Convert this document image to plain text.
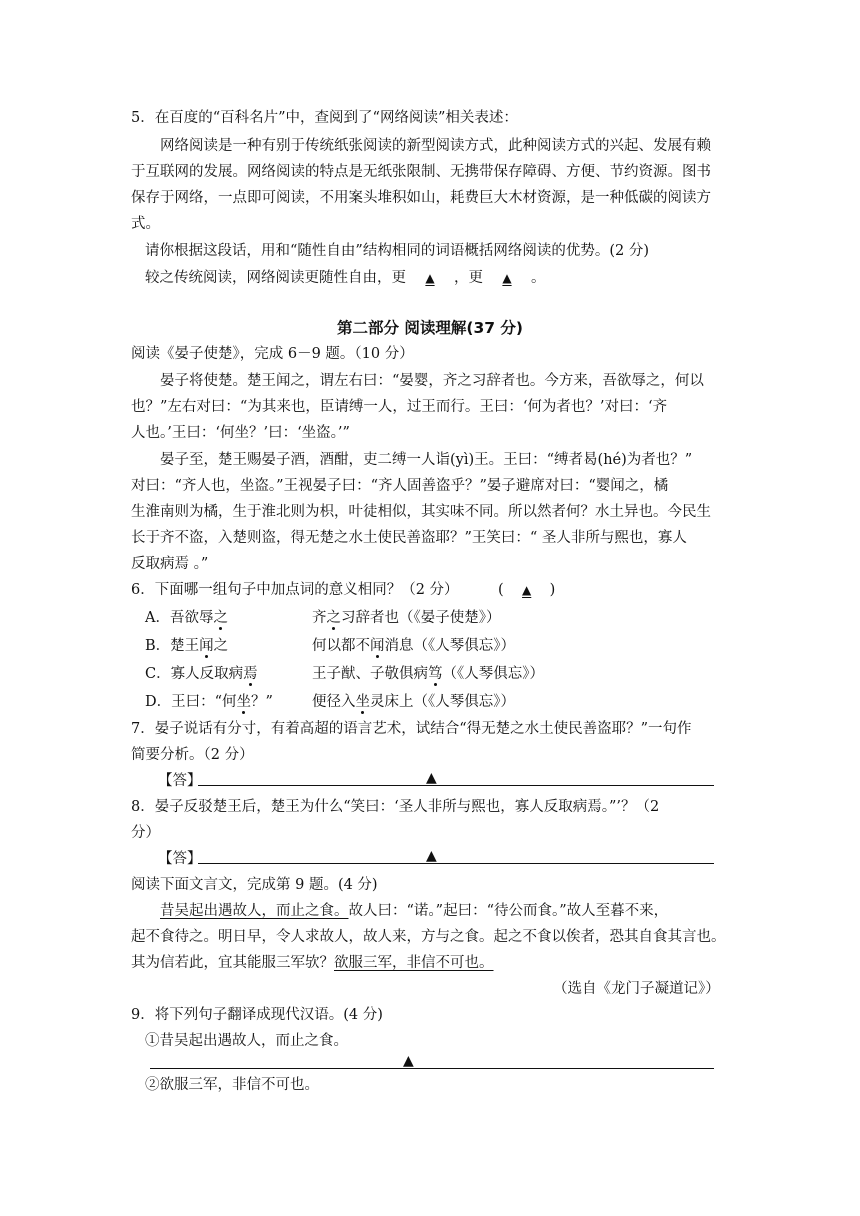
5．在百度的“百科名片”中，查阅到了“网络阅读”相关表述：
网络阅读是一种有别于传统纸张阅读的新型阅读方式，此种阅读方式的兴起、发展有赖
于互联网的发展。网络阅读的特点是无纸张限制、无携带保存障碍、方便、节约资源。图书
保存于网络，一点即可阅读，不用案头堆积如山，耗费巨大木材资源，是一种低碳的阅读方
式。
请你根据这段话，用和“随性自由”结构相同的词语概括网络阅读的优势。(2 分)
较之传统阅读，网络阅读更随性自由，更 ▲ ，更 ▲ 。
第二部分 阅读理解(37 分)
阅读《晏子使楚》，完成 6－9 题。（10 分）
晏子将使楚。楚王闻之，谓左右曰：“晏婴，齐之习辞者也。今方来，吾欲辱之，何以
也？”左右对曰：“为其来也，臣请缚一人，过王而行。王曰：‘何为者也？’对曰：‘齐
人也。’王曰：‘何坐？’曰：‘坐盗。’”
晏子至，楚王赐晏子酒，酒酣，吏二缚一人诣(yì)王。王曰：“缚者曷(hé)为者也？”
对曰：“齐人也，坐盗。”王视晏子曰：“齐人固善盗乎？”晏子避席对曰：“婴闻之，橘
生淮南则为橘，生于淮北则为枳，叶徒相似，其实味不同。所以然者何？水土异也。今民生
长于齐不盗，入楚则盗，得无楚之水土使民善盗耶？”王笑曰：“ 圣人非所与熙也，寡人
反取病焉 。”
6．下面哪一组句子中加点词的意义相同？（2 分）	( ▲ )
A．吾欲辱之	齐之习辞者也（《晏子使楚》）
B．楚王闻之	何以都不闻消息（《人琴俱忘》）
C．寡人反取病焉	王子猷、子敬俱病笃（《人琴俱忘》）
D．王曰：“何坐？”	便径入坐灵床上（《人琴俱忘》）
7．晏子说话有分寸，有着高超的语言艺术，试结合“得无楚之水土使民善盗耶？”一句作
简要分析。（2 分）
【答】	▲
8．晏子反驳楚王后，楚王为什么“笑曰：‘圣人非所与熙也，寡人反取病焉。”’？（2
分）
【答】	▲
阅读下面文言文，完成第 9 题。(4 分)
昔吴起出遇故人，而止之食。故人曰：“诺。”起曰：“待公而食。”故人至暮不来，
起不食待之。明日早，令人求故人，故人来，方与之食。起之不食以俟者，恐其自食其言也。
其为信若此，宜其能服三军欤？欲服三军，非信不可也。
（选自《龙门子凝道记》）
9．将下列句子翻译成现代汉语。(4 分)
①昔吴起出遇故人，而止之食。
▲
②欲服三军，非信不可也。
